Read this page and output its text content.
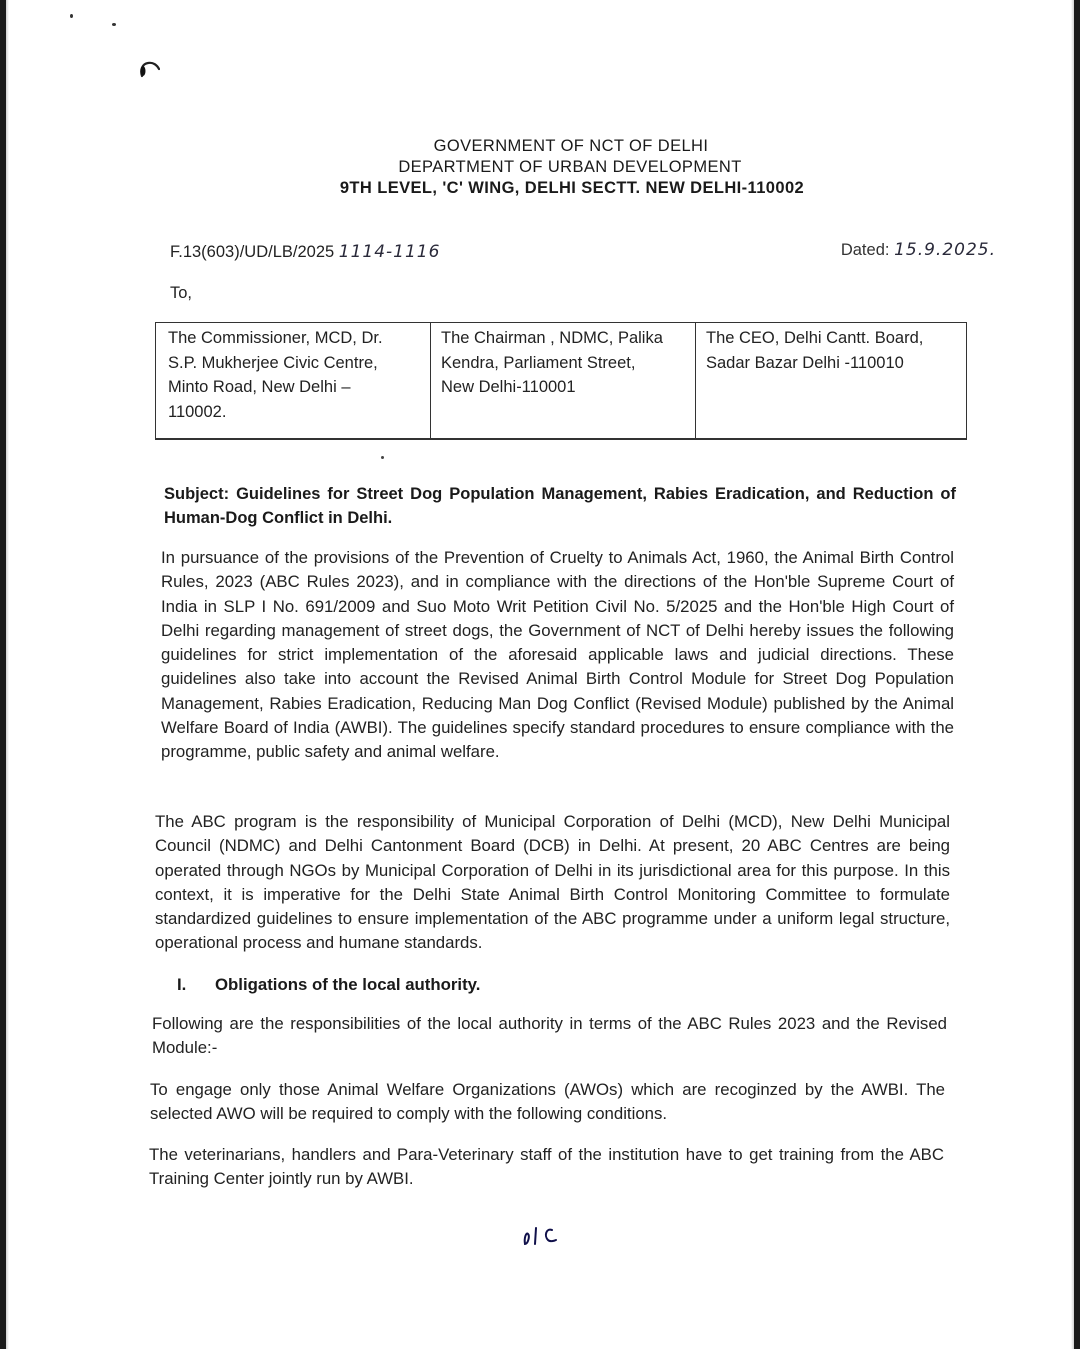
GOVERNMENT OF NCT OF DELHI
DEPARTMENT OF URBAN DEVELOPMENT
9TH LEVEL, 'C' WING, DELHI SECTT. NEW DELHI-110002
F.13(603)/UD/LB/2025 1114-1116	Dated: 15.9.2025.
To,
The Commissioner, MCD, Dr.
S.P. Mukherjee Civic Centre,
Minto Road, New Delhi –
110002.

The Chairman , NDMC, Palika
Kendra, Parliament Street,
New Delhi-110001

The CEO, Delhi Cantt. Board,
Sadar Bazar Delhi -110010
Subject: Guidelines for Street Dog Population Management, Rabies Eradication, and Reduction of Human-Dog Conflict in Delhi.
In pursuance of the provisions of the Prevention of Cruelty to Animals Act, 1960, the Animal Birth Control Rules, 2023 (ABC Rules 2023), and in compliance with the directions of the Hon'ble Supreme Court of India in SLP I No. 691/2009 and Suo Moto Writ Petition Civil No. 5/2025 and the Hon'ble High Court of Delhi regarding management of street dogs, the Government of NCT of Delhi hereby issues the following guidelines for strict implementation of the aforesaid applicable laws and judicial directions. These guidelines also take into account the Revised Animal Birth Control Module for Street Dog Population Management, Rabies Eradication, Reducing Man Dog Conflict (Revised Module) published by the Animal Welfare Board of India (AWBI). The guidelines specify standard procedures to ensure compliance with the programme, public safety and animal welfare.
The ABC program is the responsibility of Municipal Corporation of Delhi (MCD), New Delhi Municipal Council (NDMC) and Delhi Cantonment Board (DCB) in Delhi. At present, 20 ABC Centres are being operated through NGOs by Municipal Corporation of Delhi in its jurisdictional area for this purpose. In this context, it is imperative for the Delhi State Animal Birth Control Monitoring Committee to formulate standardized guidelines to ensure implementation of the ABC programme under a uniform legal structure, operational process and humane standards.
I. Obligations of the local authority.
Following are the responsibilities of the local authority in terms of the ABC Rules 2023 and the Revised Module:-
To engage only those Animal Welfare Organizations (AWOs) which are recoginzed by the AWBI. The selected AWO will be required to comply with the following conditions.
The veterinarians, handlers and Para-Veterinary staff of the institution have to get training from the ABC Training Center jointly run by AWBI.
